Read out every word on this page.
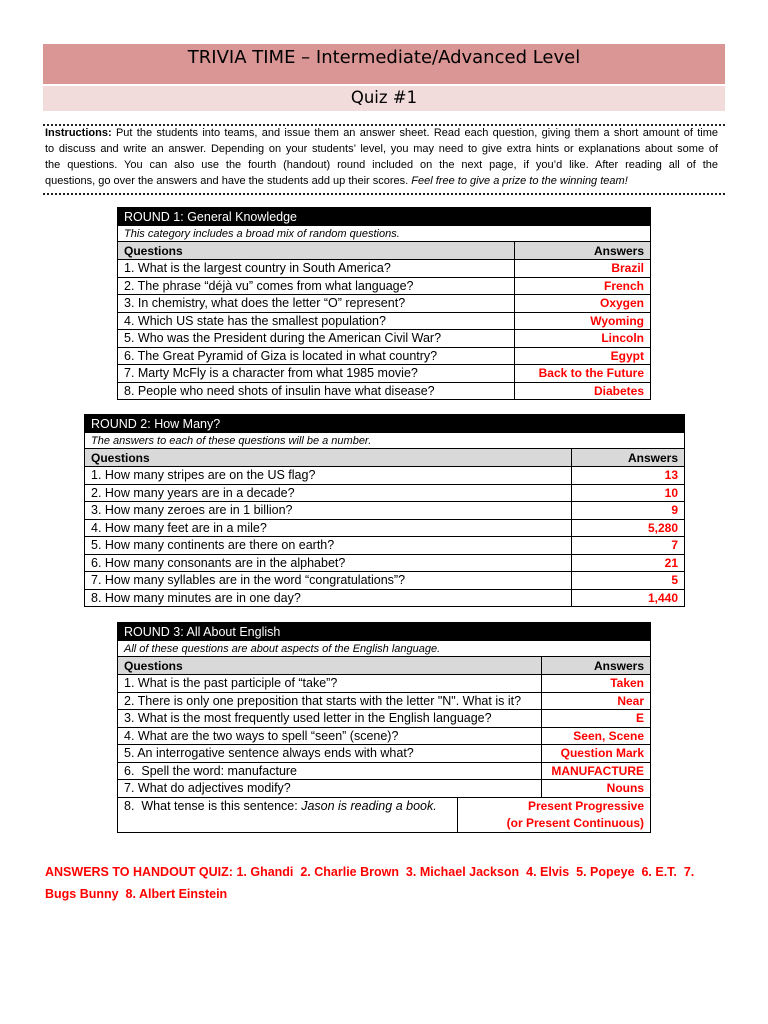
TRIVIA TIME – Intermediate/Advanced Level
Quiz #1
Instructions: Put the students into teams, and issue them an answer sheet. Read each question, giving them a short amount of time
to discuss and write an answer. Depending on your students’ level, you may need to give extra hints or explanations about some of
the questions. You can also use the fourth (handout) round included on the next page, if you’d like. After reading all of the
questions, go over the answers and have the students add up their scores. Feel free to give a prize to the winning team!
ROUND 1: General Knowledge
This category includes a broad mix of random questions.
Questions	Answers
1. What is the largest country in South America?	Brazil
2. The phrase “déjà vu” comes from what language?	French
3. In chemistry, what does the letter “O” represent?	Oxygen
4. Which US state has the smallest population?	Wyoming
5. Who was the President during the American Civil War?	Lincoln
6. The Great Pyramid of Giza is located in what country?	Egypt
7. Marty McFly is a character from what 1985 movie?	Back to the Future
8. People who need shots of insulin have what disease?	Diabetes
ROUND 2: How Many?
The answers to each of these questions will be a number.
Questions	Answers
1. How many stripes are on the US flag?	13
2. How many years are in a decade?	10
3. How many zeroes are in 1 billion?	9
4. How many feet are in a mile?	5,280
5. How many continents are there on earth?	7
6. How many consonants are in the alphabet?	21
7. How many syllables are in the word “congratulations”?	5
8. How many minutes are in one day?	1,440
ROUND 3: All About English
All of these questions are about aspects of the English language.
Questions	Answers
1. What is the past participle of “take”?	Taken
2. There is only one preposition that starts with the letter "N". What is it?	Near
3. What is the most frequently used letter in the English language?	E
4. What are the two ways to spell “seen” (scene)?	Seen, Scene
5. An interrogative sentence always ends with what?	Question Mark
6.  Spell the word: manufacture	MANUFACTURE
7. What do adjectives modify?	Nouns
8.  What tense is this sentence: Jason is reading a book.	Present Progressive
(or Present Continuous)
ANSWERS TO HANDOUT QUIZ: 1. Ghandi  2. Charlie Brown  3. Michael Jackson  4. Elvis  5. Popeye  6. E.T.  7. Bugs Bunny  8. Albert Einstein
